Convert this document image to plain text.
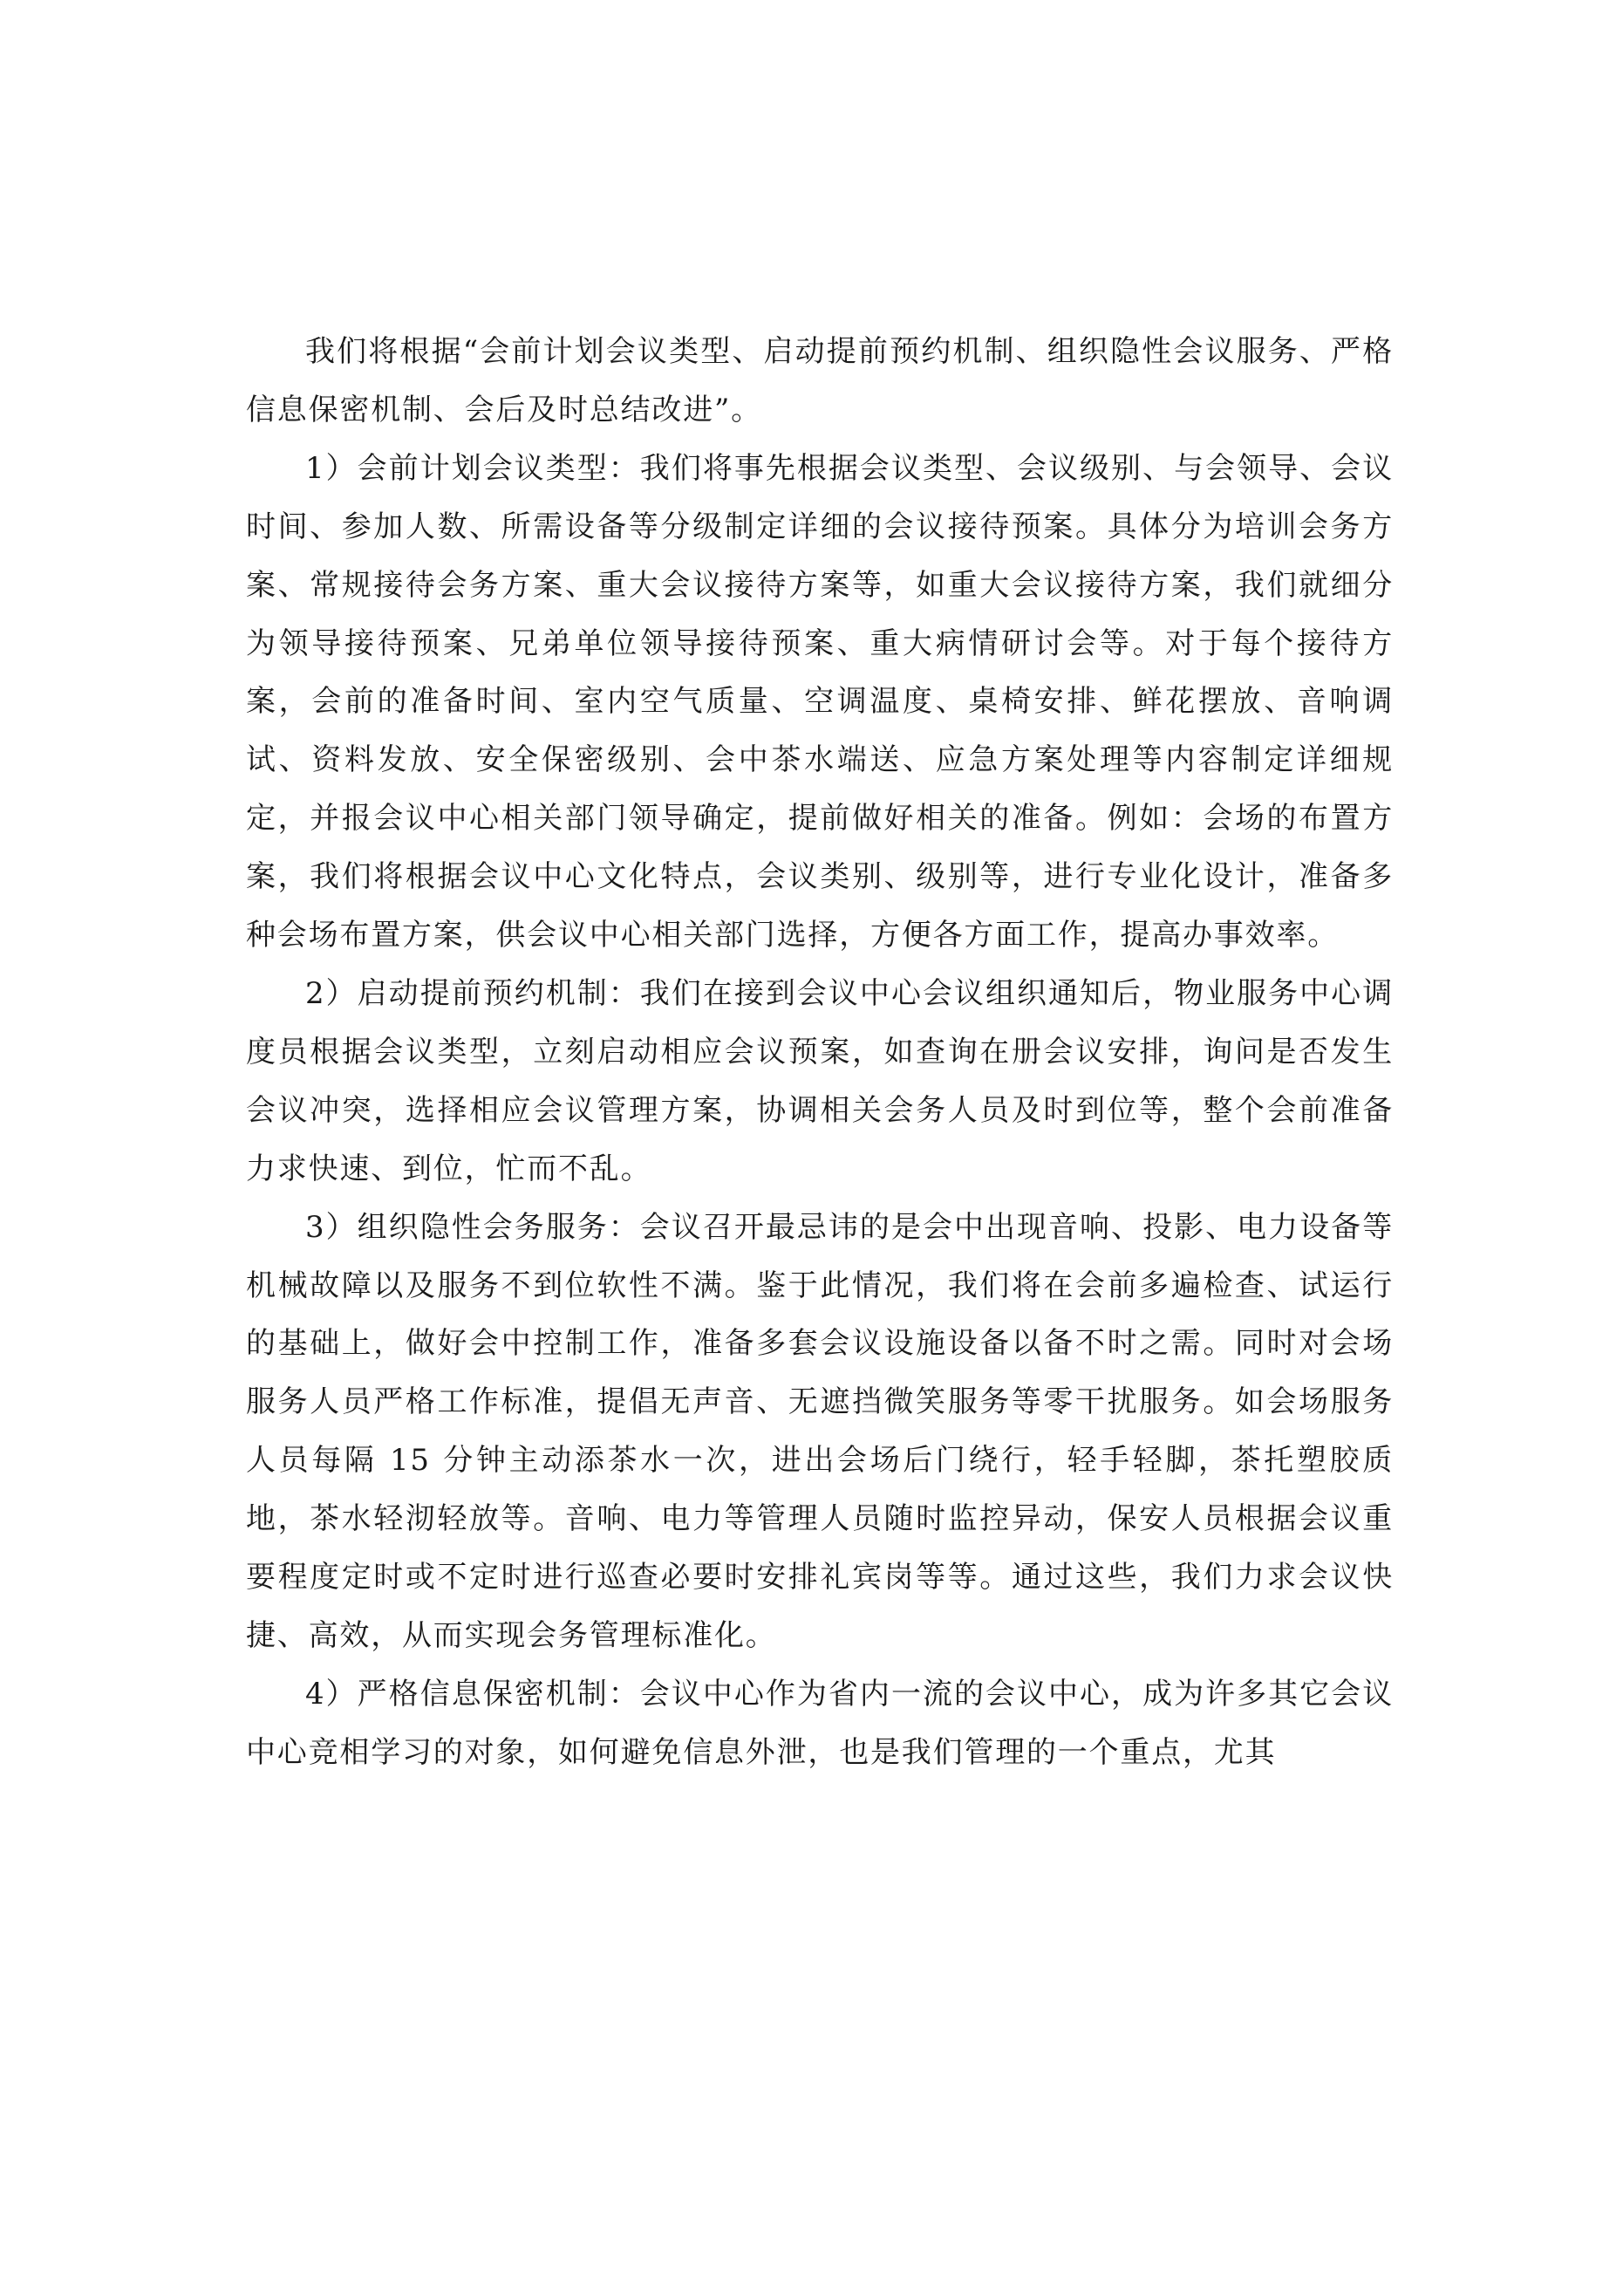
我们将根据“会前计划会议类型、启动提前预约机制、组织隐性会议服务、严格信息保密机制、会后及时总结改进”。

1）会前计划会议类型：我们将事先根据会议类型、会议级别、与会领导、会议时间、参加人数、所需设备等分级制定详细的会议接待预案。具体分为培训会务方案、常规接待会务方案、重大会议接待方案等，如重大会议接待方案，我们就细分为领导接待预案、兄弟单位领导接待预案、重大病情研讨会等。对于每个接待方案，会前的准备时间、室内空气质量、空调温度、桌椅安排、鲜花摆放、音响调试、资料发放、安全保密级别、会中茶水端送、应急方案处理等内容制定详细规定，并报会议中心相关部门领导确定，提前做好相关的准备。例如：会场的布置方案，我们将根据会议中心文化特点，会议类别、级别等，进行专业化设计，准备多种会场布置方案，供会议中心相关部门选择，方便各方面工作，提高办事效率。

2）启动提前预约机制：我们在接到会议中心会议组织通知后，物业服务中心调度员根据会议类型，立刻启动相应会议预案，如查询在册会议安排，询问是否发生会议冲突，选择相应会议管理方案，协调相关会务人员及时到位等，整个会前准备力求快速、到位，忙而不乱。

3）组织隐性会务服务：会议召开最忌讳的是会中出现音响、投影、电力设备等机械故障以及服务不到位软性不满。鉴于此情况，我们将在会前多遍检查、试运行的基础上，做好会中控制工作，准备多套会议设施设备以备不时之需。同时对会场服务人员严格工作标准，提倡无声音、无遮挡微笑服务等零干扰服务。如会场服务人员每隔 15 分钟主动添茶水一次，进出会场后门绕行，轻手轻脚，茶托塑胶质地，茶水轻沏轻放等。音响、电力等管理人员随时监控异动，保安人员根据会议重要程度定时或不定时进行巡查必要时安排礼宾岗等等。通过这些，我们力求会议快捷、高效，从而实现会务管理标准化。

4）严格信息保密机制：会议中心作为省内一流的会议中心，成为许多其它会议中心竞相学习的对象，如何避免信息外泄，也是我们管理的一个重点，尤其
